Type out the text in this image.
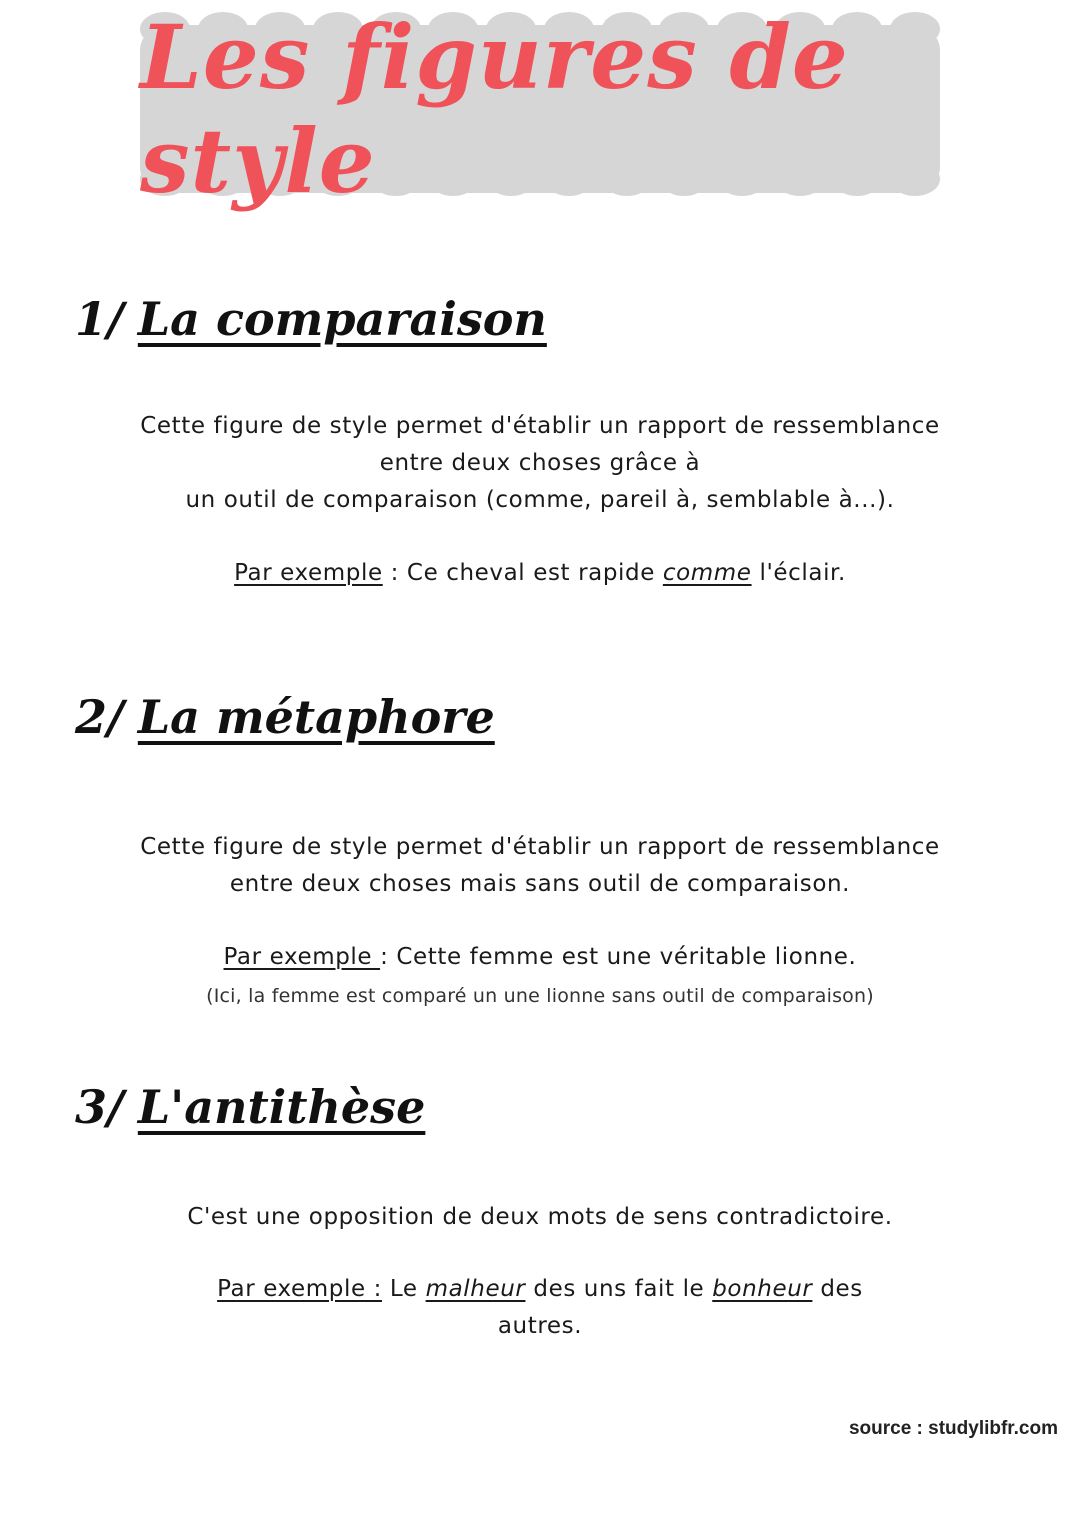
Les figures de style
1/ La comparaison
Cette figure de style permet d'établir un rapport de ressemblance
entre deux choses grâce à
un outil de comparaison (comme, pareil à, semblable à...).
Par exemple : Ce cheval est rapide comme l'éclair.
2/ La métaphore
Cette figure de style permet d'établir un rapport de ressemblance
entre deux choses mais sans outil de comparaison.
Par exemple : Cette femme est une véritable lionne.
(Ici, la femme est comparé un une lionne sans outil de comparaison)
3/ L'antithèse
C'est une opposition de deux mots de sens contradictoire.
Par exemple : Le malheur des uns fait le bonheur des
autres.
source : studylibfr.com
